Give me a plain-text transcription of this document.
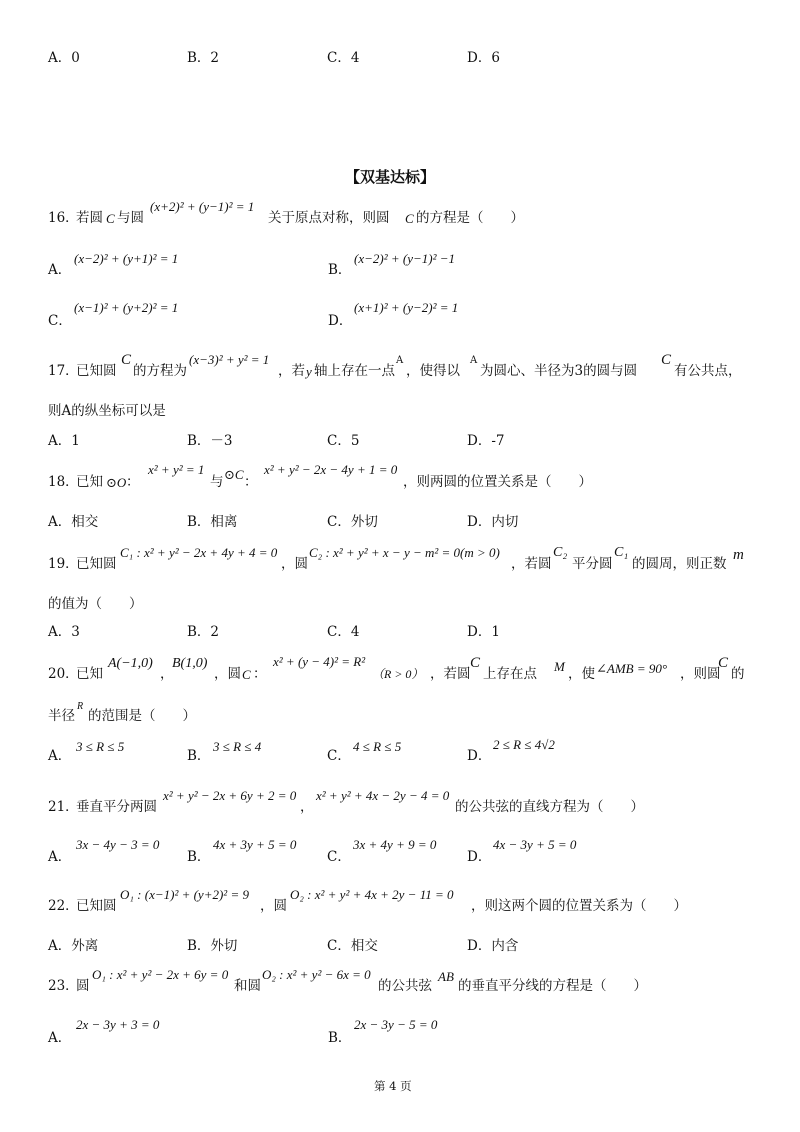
A．0	B．2	C．4	D．6
【双基达标】
16．
若圆 C 与圆
(x+2)² + (y−1)² = 1
关于原点对称，则圆 C 的方程是（　　）
A．
(x−2)² + (y+1)² = 1
B．
(x−2)² + (y−1)² −1
C．
(x−1)² + (y+2)² = 1
D．
(x+1)² + (y−2)² = 1
17．
已知圆
C
的方程为
(x−3)² + y² = 1
，若 y 轴上存在一点
A
，使得以
A
为圆心、半径为3的圆与圆
C
有公共点，
则A的纵坐标可以是
A．1	B．－3	C．5	D．-7
18．
已知 ⊙O ：
x² + y² = 1
与 ⊙C ：
x² + y² − 2x − 4y + 1 = 0
，则两圆的位置关系是（　　）
A．相交	B．相离	C．外切	D．内切
19．
已知圆
C₁ : x² + y² − 2x + 4y + 4 = 0
，圆
C₂ : x² + y² + x − y − m² = 0(m > 0)
，若圆
C₂
平分圆
C₁
的圆周，则正数
m
的值为（　　）
A．3	B．2	C．4	D．1
20．
已知
A(−1,0)
，
B(1,0)
，圆 C ：
x² + (y − 4)² = R²
（R > 0） ，若圆
C
上存在点 M ，使 ∠AMB = 90° ，则圆
C
的
半径
R
的范围是（　　）
A．
3 ≤ R ≤ 5
B．
3 ≤ R ≤ 4
C．
4 ≤ R ≤ 5
D．
2 ≤ R ≤ 4√2
21．
垂直平分两圆
x² + y² − 2x + 6y + 2 = 0
，
x² + y² + 4x − 2y − 4 = 0
的公共弦的直线方程为（　　）
A．
3x − 4y − 3 = 0
B．
4x + 3y + 5 = 0
C．
3x + 4y + 9 = 0
D．
4x − 3y + 5 = 0
22．
已知圆
O₁ : (x−1)² + (y+2)² = 9
，圆
O₂ : x² + y² + 4x + 2y − 11 = 0
，则这两个圆的位置关系为（　　）
A．外离	B．外切	C．相交	D．内含
23．
圆
O₁ : x² + y² − 2x + 6y = 0
和圆
O₂ : x² + y² − 6x = 0
的公共弦
AB
的垂直平分线的方程是（　　）
A．
2x − 3y + 3 = 0
B．
2x − 3y − 5 = 0
第 4 页
